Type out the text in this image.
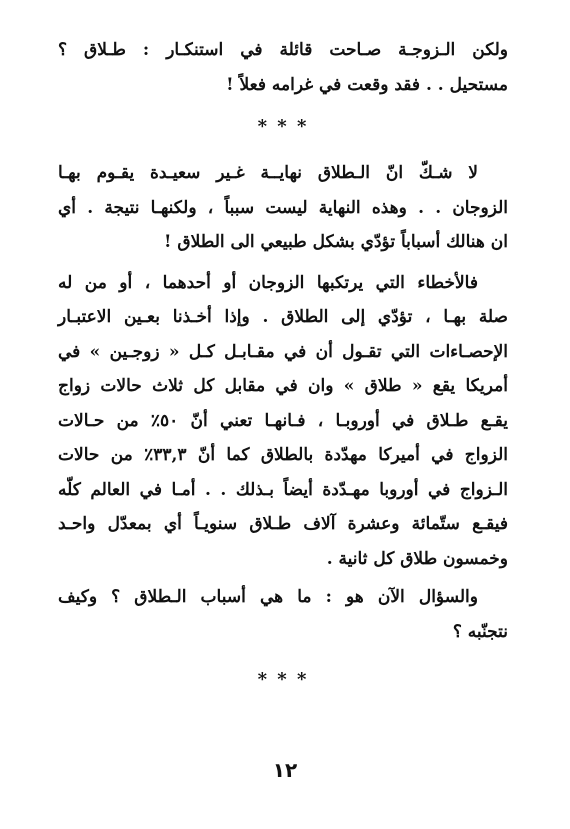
ولكن الـزوجـة صـاحت قائلة في استنكـار : طـلاق ؟
مستحيل . . فقد وقعت في غرامه فعلاً !
* * *
لا شـكّ انّ الـطلاق نهايــة غـير سعيـدة يقـوم بهـا
الزوجان . . وهذه النهاية ليست سبباً ، ولكنهـا نتيجة . أي
ان هنالك أسباباً تؤدّي بشكل طبيعي الى الطلاق !
فالأخطاء التي يرتكبها الزوجان أو أحدهما ، أو من له
صلة بهـا ، تؤدّي إلى الطلاق . وإذا أخـذنا بعـين الاعتبـار
الإحصـاءات التي تقـول أن في مقـابـل كـل « زوجـين » في
أمريكا يقع « طلاق » وان في مقابل كل ثلاث حالات زواج
يقـع طـلاق في أوروبـا ، فـانهـا تعني أنّ ٥٠٪ من حـالات
الزواج في أميركا مهدّدة بالطلاق كما أنّ ٣٣,٣٪ من حالات
الـزواج في أوروبا مهـدّدة أيضاً بـذلك . . أمـا في العالم كلّه
فيقـع ستّمائة وعشرة آلاف طـلاق سنويـاً أي بمعدّل واحـد
وخمسون طلاق كل ثانية .
والسؤال الآن هو : ما هي أسباب الـطلاق ؟ وكيف
نتجنّبه ؟
* * *
١٢
